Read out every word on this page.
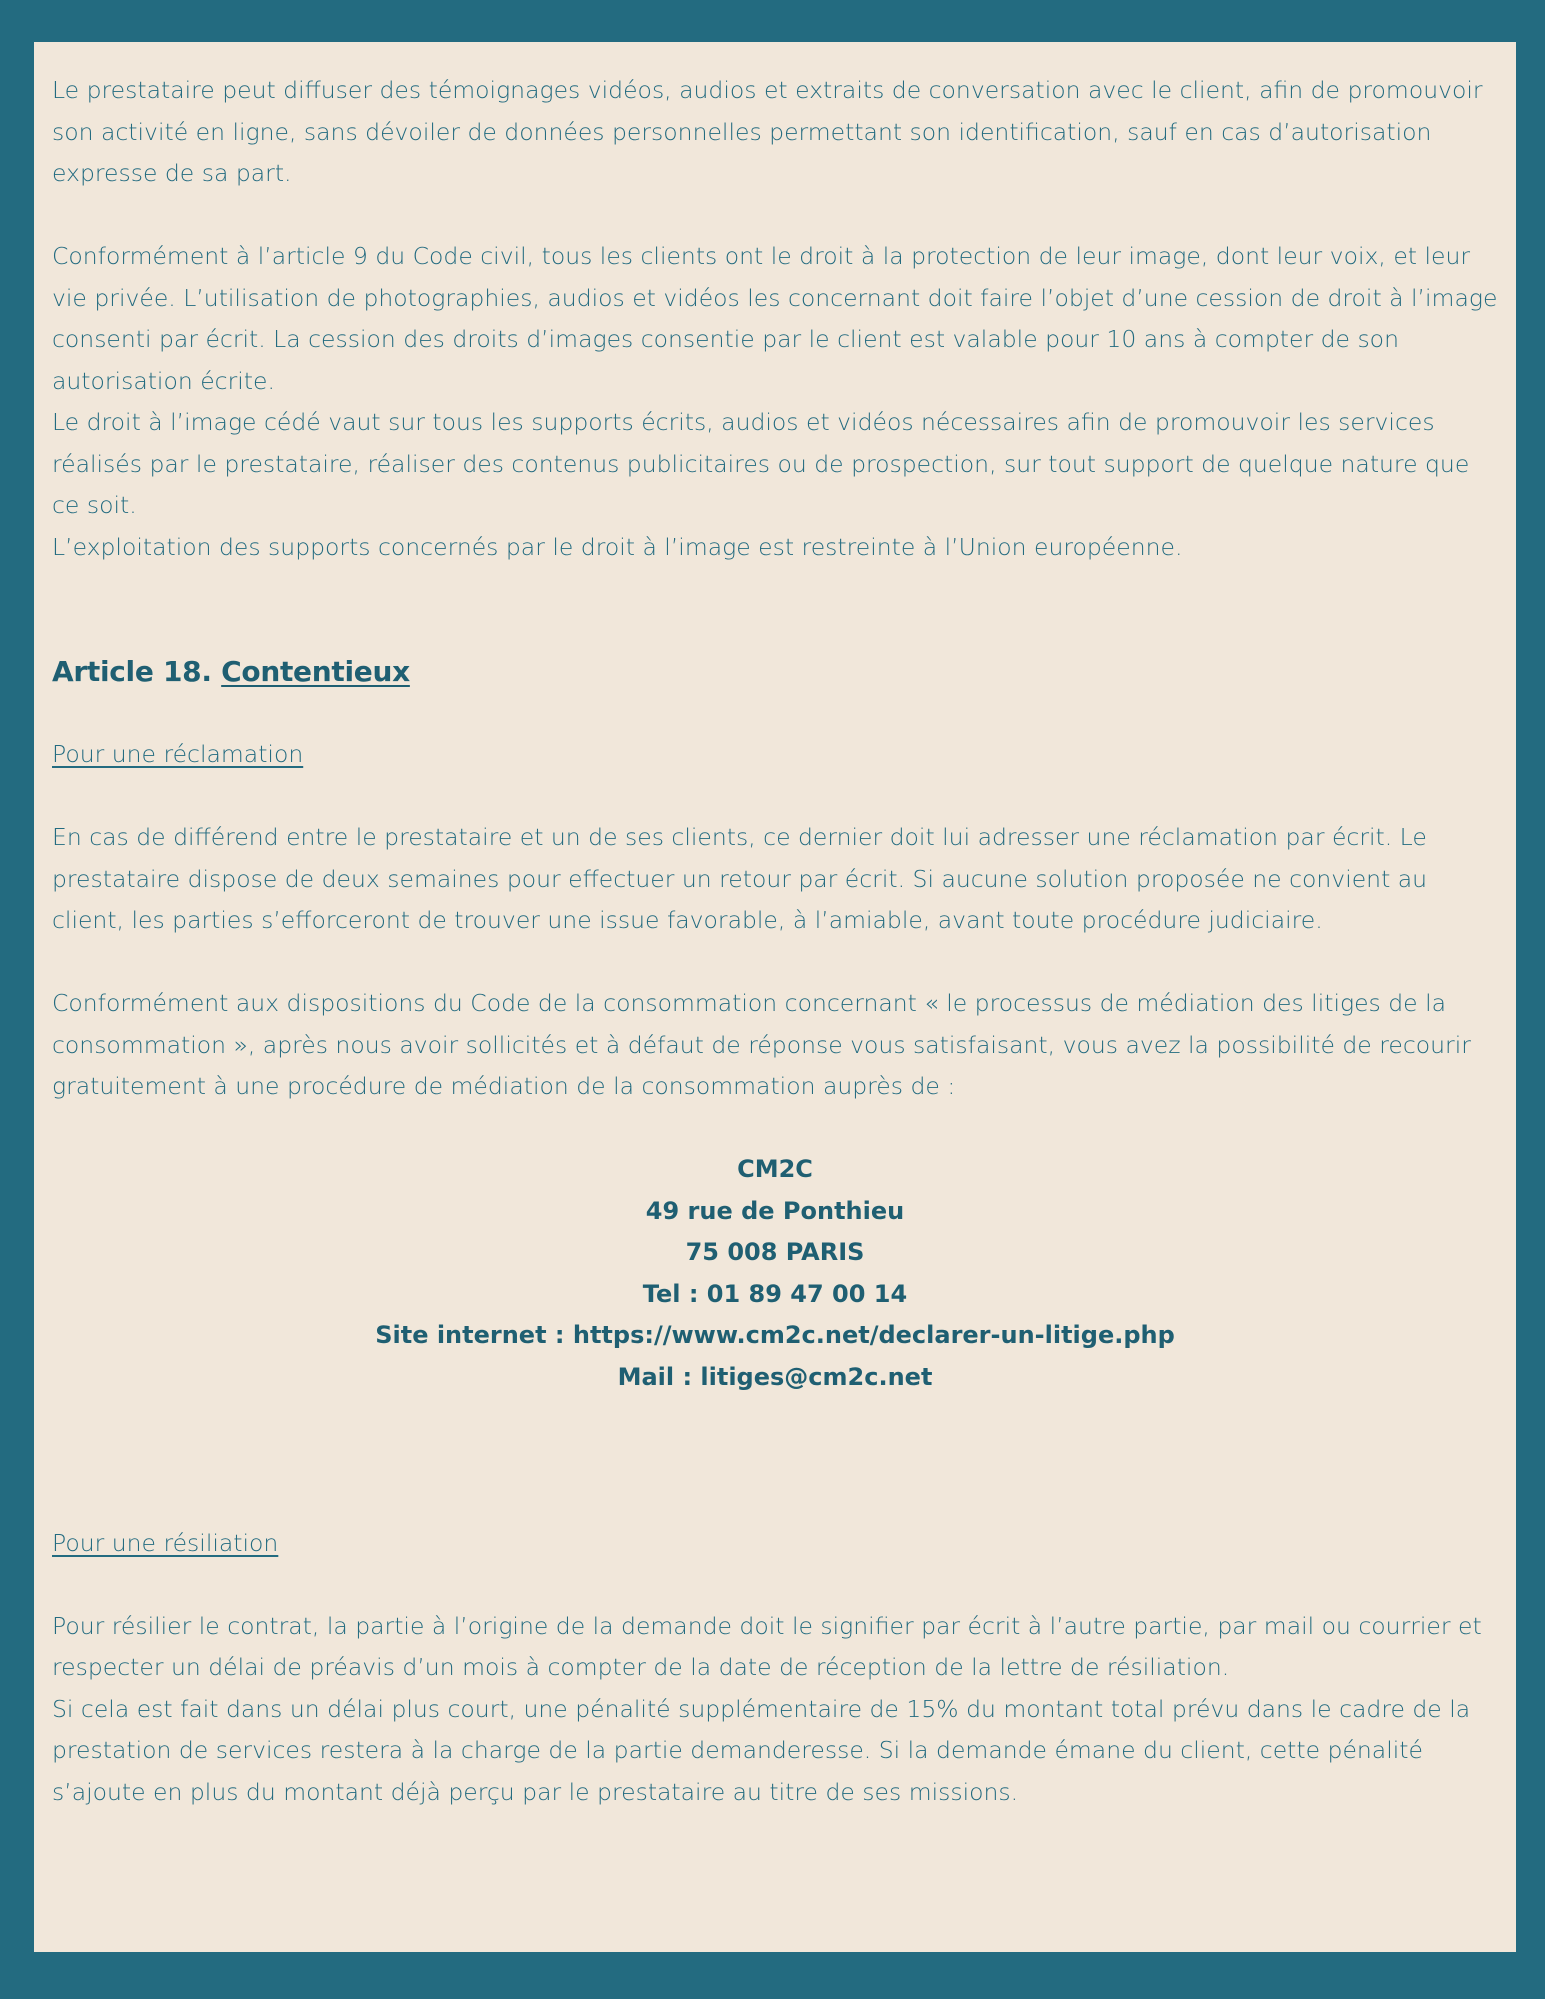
Le prestataire peut diffuser des témoignages vidéos, audios et extraits de conversation avec le client, afin de promouvoir son activité en ligne, sans dévoiler de données personnelles permettant son identification, sauf en cas d’autorisation expresse de sa part.

Conformément à l’article 9 du Code civil, tous les clients ont le droit à la protection de leur image, dont leur voix, et leur vie privée. L’utilisation de photographies, audios et vidéos les concernant doit faire l’objet d’une cession de droit à l’image consenti par écrit. La cession des droits d’images consentie par le client est valable pour 10 ans à compter de son autorisation écrite.

Le droit à l’image cédé vaut sur tous les supports écrits, audios et vidéos nécessaires afin de promouvoir les services réalisés par le prestataire, réaliser des contenus publicitaires ou de prospection, sur tout support de quelque nature que ce soit.

L’exploitation des supports concernés par le droit à l’image est restreinte à l’Union européenne.

Article 18. Contentieux

Pour une réclamation

En cas de différend entre le prestataire et un de ses clients, ce dernier doit lui adresser une réclamation par écrit. Le prestataire dispose de deux semaines pour effectuer un retour par écrit. Si aucune solution proposée ne convient au client, les parties s’efforceront de trouver une issue favorable, à l’amiable, avant toute procédure judiciaire.

Conformément aux dispositions du Code de la consommation concernant « le processus de médiation des litiges de la consommation », après nous avoir sollicités et à défaut de réponse vous satisfaisant, vous avez la possibilité de recourir gratuitement à une procédure de médiation de la consommation auprès de :

CM2C
49 rue de Ponthieu
75 008 PARIS
Tel : 01 89 47 00 14
Site internet : https://www.cm2c.net/declarer-un-litige.php
Mail : litiges@cm2c.net

Pour une résiliation

Pour résilier le contrat, la partie à l’origine de la demande doit le signifier par écrit à l’autre partie, par mail ou courrier et respecter un délai de préavis d’un mois à compter de la date de réception de la lettre de résiliation.

Si cela est fait dans un délai plus court, une pénalité supplémentaire de 15% du montant total prévu dans le cadre de la prestation de services restera à la charge de la partie demanderesse. Si la demande émane du client, cette pénalité s’ajoute en plus du montant déjà perçu par le prestataire au titre de ses missions.
